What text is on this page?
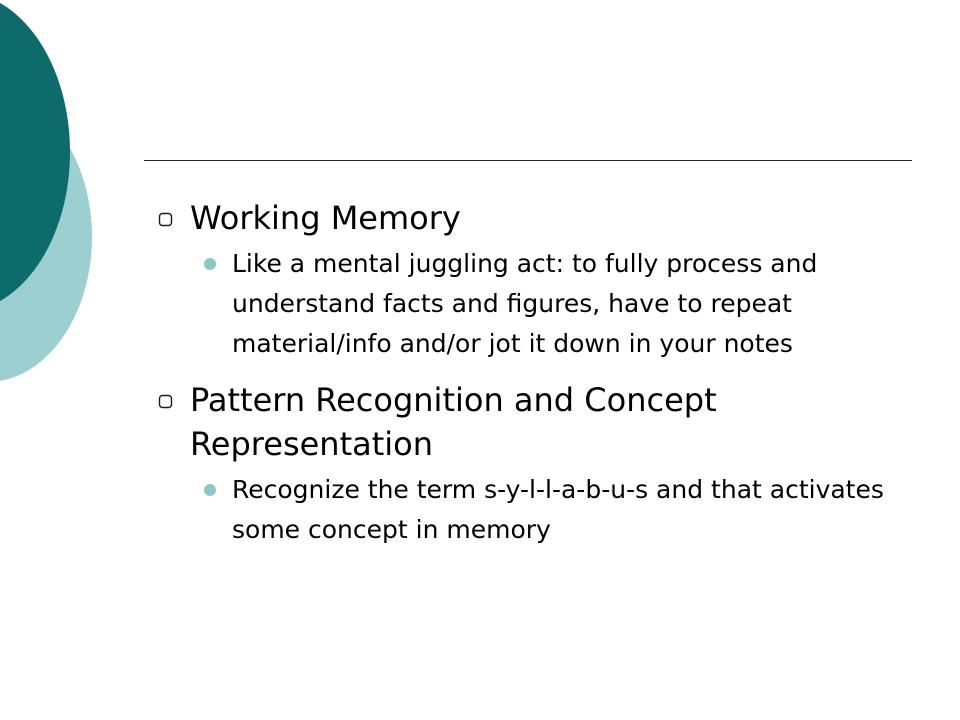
Working Memory
Like a mental juggling act: to fully process and understand facts and figures, have to repeat material/info and/or jot it down in your notes
Pattern Recognition and Concept Representation
Recognize the term s-y-l-l-a-b-u-s and that activates some concept in memory
